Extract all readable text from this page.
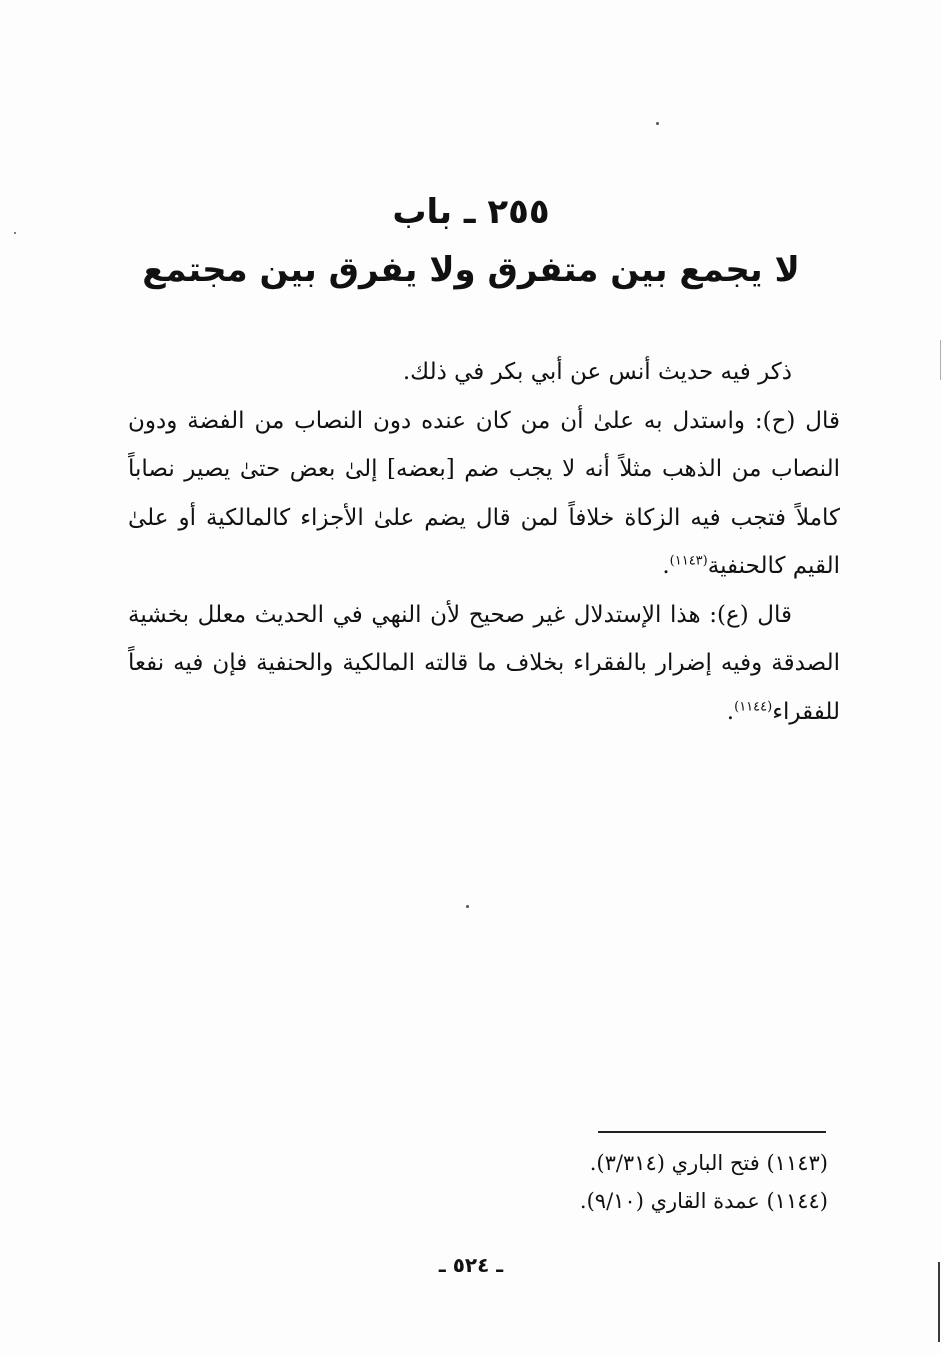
٢٥٥ ـ باب
لا يجمع بين متفرق ولا يفرق بين مجتمع

ذكر فيه حديث أنس عن أبي بكر في ذلك.

قال (ح): واستدل به علىٰ أن من كان عنده دون النصاب من الفضة ودون النصاب من الذهب مثلاً أنه لا يجب ضم [بعضه] إلىٰ بعض حتىٰ يصير نصاباً كاملاً فتجب فيه الزكاة خلافاً لمن قال يضم علىٰ الأجزاء كالمالكية أو علىٰ القيم كالحنفية$^{(١١٤٣)}$.

قال (ع): هذا الإستدلال غير صحيح لأن النهي في الحديث معلل بخشية الصدقة وفيه إضرار بالفقراء بخلاف ما قالته المالكية والحنفية فإن فيه نفعاً للفقراء$^{(١١٤٤)}$.

(١١٤٣) فتح الباري (٣/٣١٤).
(١١٤٤) عمدة القاري (٩/١٠).
ـ ٥٢٤ ـ
